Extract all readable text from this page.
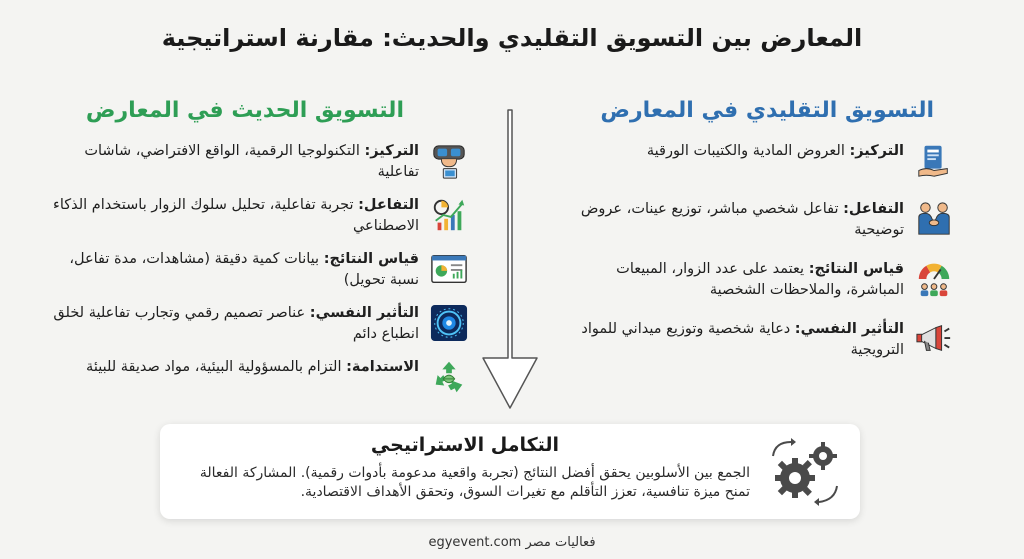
المعارض بين التسويق التقليدي والحديث: مقارنة استراتيجية
التسويق التقليدي في المعارض
التركيز: العروض المادية والكتيبات الورقية
التفاعل: تفاعل شخصي مباشر، توزيع عينات، عروض توضيحية
قياس النتائج: يعتمد على عدد الزوار، المبيعات المباشرة، والملاحظات الشخصية
التأثير النفسي: دعاية شخصية وتوزيع ميداني للمواد الترويجية
التسويق الحديث في المعارض
التركيز: التكنولوجيا الرقمية، الواقع الافتراضي، شاشات تفاعلية
التفاعل: تجربة تفاعلية، تحليل سلوك الزوار باستخدام الذكاء الاصطناعي
قياس النتائج: بيانات كمية دقيقة (مشاهدات، مدة تفاعل، نسبة تحويل)
التأثير النفسي: عناصر تصميم رقمي وتجارب تفاعلية لخلق انطباع دائم
الاستدامة: التزام بالمسؤولية البيئية، مواد صديقة للبيئة
التكامل الاستراتيجي
الجمع بين الأسلوبين يحقق أفضل النتائج (تجربة واقعية مدعومة بأدوات رقمية). المشاركة الفعالة تمنح ميزة تنافسية، تعزز التأقلم مع تغيرات السوق، وتحقق الأهداف الاقتصادية.
فعاليات مصر egyevent.com
